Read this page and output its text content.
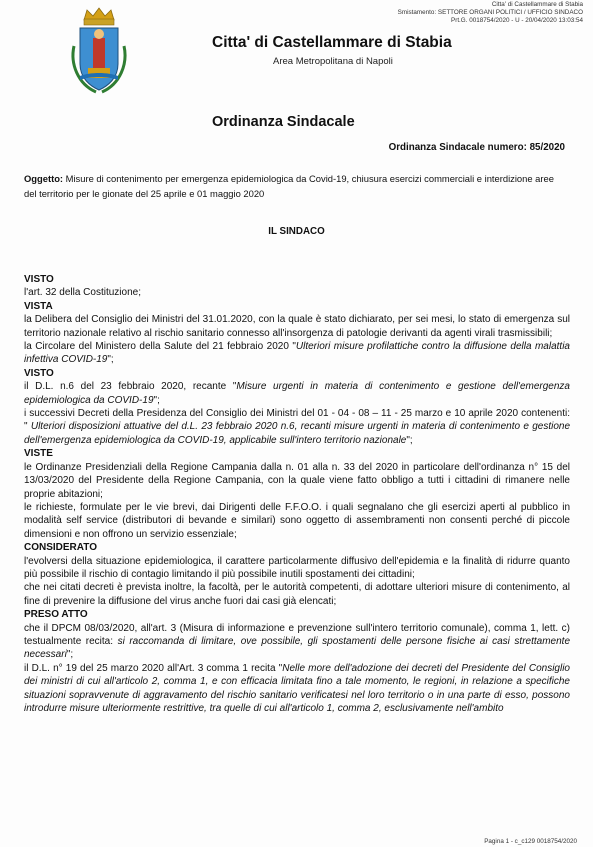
Citta' di Castellammare di Stabia
Smistamento: SETTORE ORGANI POLITICI / UFFICIO SINDACO
Prt.G. 0018754/2020 - U - 20/04/2020 13:03:54
Citta' di Castellammare di Stabia
Area Metropolitana di Napoli
Ordinanza Sindacale
Ordinanza Sindacale numero: 85/2020
Oggetto: Misure di contenimento per emergenza epidemiologica da Covid-19, chiusura esercizi commerciali e interdizione aree del territorio per le gionate del 25 aprile e 01 maggio 2020
IL SINDACO
VISTO
l'art. 32 della Costituzione;
VISTA
la Delibera del Consiglio dei Ministri del 31.01.2020, con la quale è stato dichiarato, per sei mesi, lo stato di emergenza sul territorio nazionale relativo al rischio sanitario connesso all'insorgenza di patologie derivanti da agenti virali trasmissibili;
la Circolare del Ministero della Salute del 21 febbraio 2020 "Ulteriori misure profilattiche contro la diffusione della malattia infettiva COVID-19";
VISTO
il D.L. n.6 del 23 febbraio 2020, recante "Misure urgenti in materia di contenimento e gestione dell'emergenza epidemiologica da COVID-19";
i successivi Decreti della Presidenza del Consiglio dei Ministri del 01 - 04 - 08 – 11 - 25 marzo e 10 aprile 2020 contenenti: " Ulteriori disposizioni attuative del d.L. 23 febbraio 2020 n.6, recanti misure urgenti in materia di contenimento e gestione dell'emergenza epidemiologica da COVID-19, applicabile sull'intero territorio nazionale";
VISTE
le Ordinanze Presidenziali della Regione Campania dalla n. 01 alla n. 33 del 2020 in particolare dell'ordinanza n° 15 del 13/03/2020 del Presidente della Regione Campania, con la quale viene fatto obbligo a tutti i cittadini di rimanere nelle proprie abitazioni;
le richieste, formulate per le vie brevi, dai Dirigenti delle F.F.O.O. i quali segnalano che gli esercizi aperti al pubblico in modalità self service (distributori di bevande e similari) sono oggetto di assembramenti non consenti perché di piccole dimensioni e non offrono un servizio essenziale;
CONSIDERATO
l'evolversi della situazione epidemiologica, il carattere particolarmente diffusivo dell'epidemia e la finalità di ridurre quanto più possibile il rischio di contagio limitando il più possibile inutili spostamenti dei cittadini;
che nei citati decreti è prevista inoltre, la facoltà, per le autorità competenti, di adottare ulteriori misure di contenimento, al fine di prevenire la diffusione del virus anche fuori dai casi già elencati;
PRESO ATTO
che il DPCM 08/03/2020, all'art. 3 (Misura di informazione e prevenzione sull'intero territorio comunale), comma 1, lett. c) testualmente recita: si raccomanda di limitare, ove possibile, gli spostamenti delle persone fisiche ai casi strettamente necessari";
il D.L. n° 19 del 25 marzo 2020 all'Art. 3 comma 1 recita "Nelle more dell'adozione dei decreti del Presidente del Consiglio dei ministri di cui all'articolo 2, comma 1, e con efficacia limitata fino a tale momento, le regioni, in relazione a specifiche situazioni sopravvenute di aggravamento del rischio sanitario verificatesi nel loro territorio o in una parte di esso, possono introdurre misure ulteriormente restrittive, tra quelle di cui all'articolo 1, comma 2, esclusivamente nell'ambito
Pagina 1 - c_c129 0018754/2020
